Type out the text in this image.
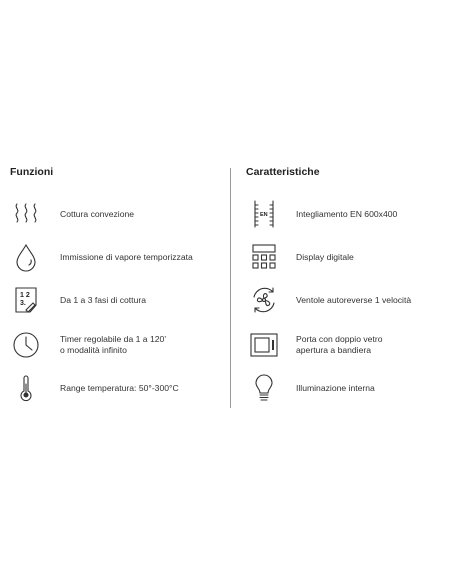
Funzioni	Caratteristiche
Cottura convezione
Immissione di vapore temporizzata
1 2
3.	Da 1 a 3 fasi di cottura
Timer regolabile da 1 a 120’
o modalità infinito
Range temperatura: 50°-300°C
EN	Integliamento EN 600x400
Display digitale
Ventole autoreverse 1 velocità
Porta con doppio vetro
apertura a bandiera
Illuminazione interna
